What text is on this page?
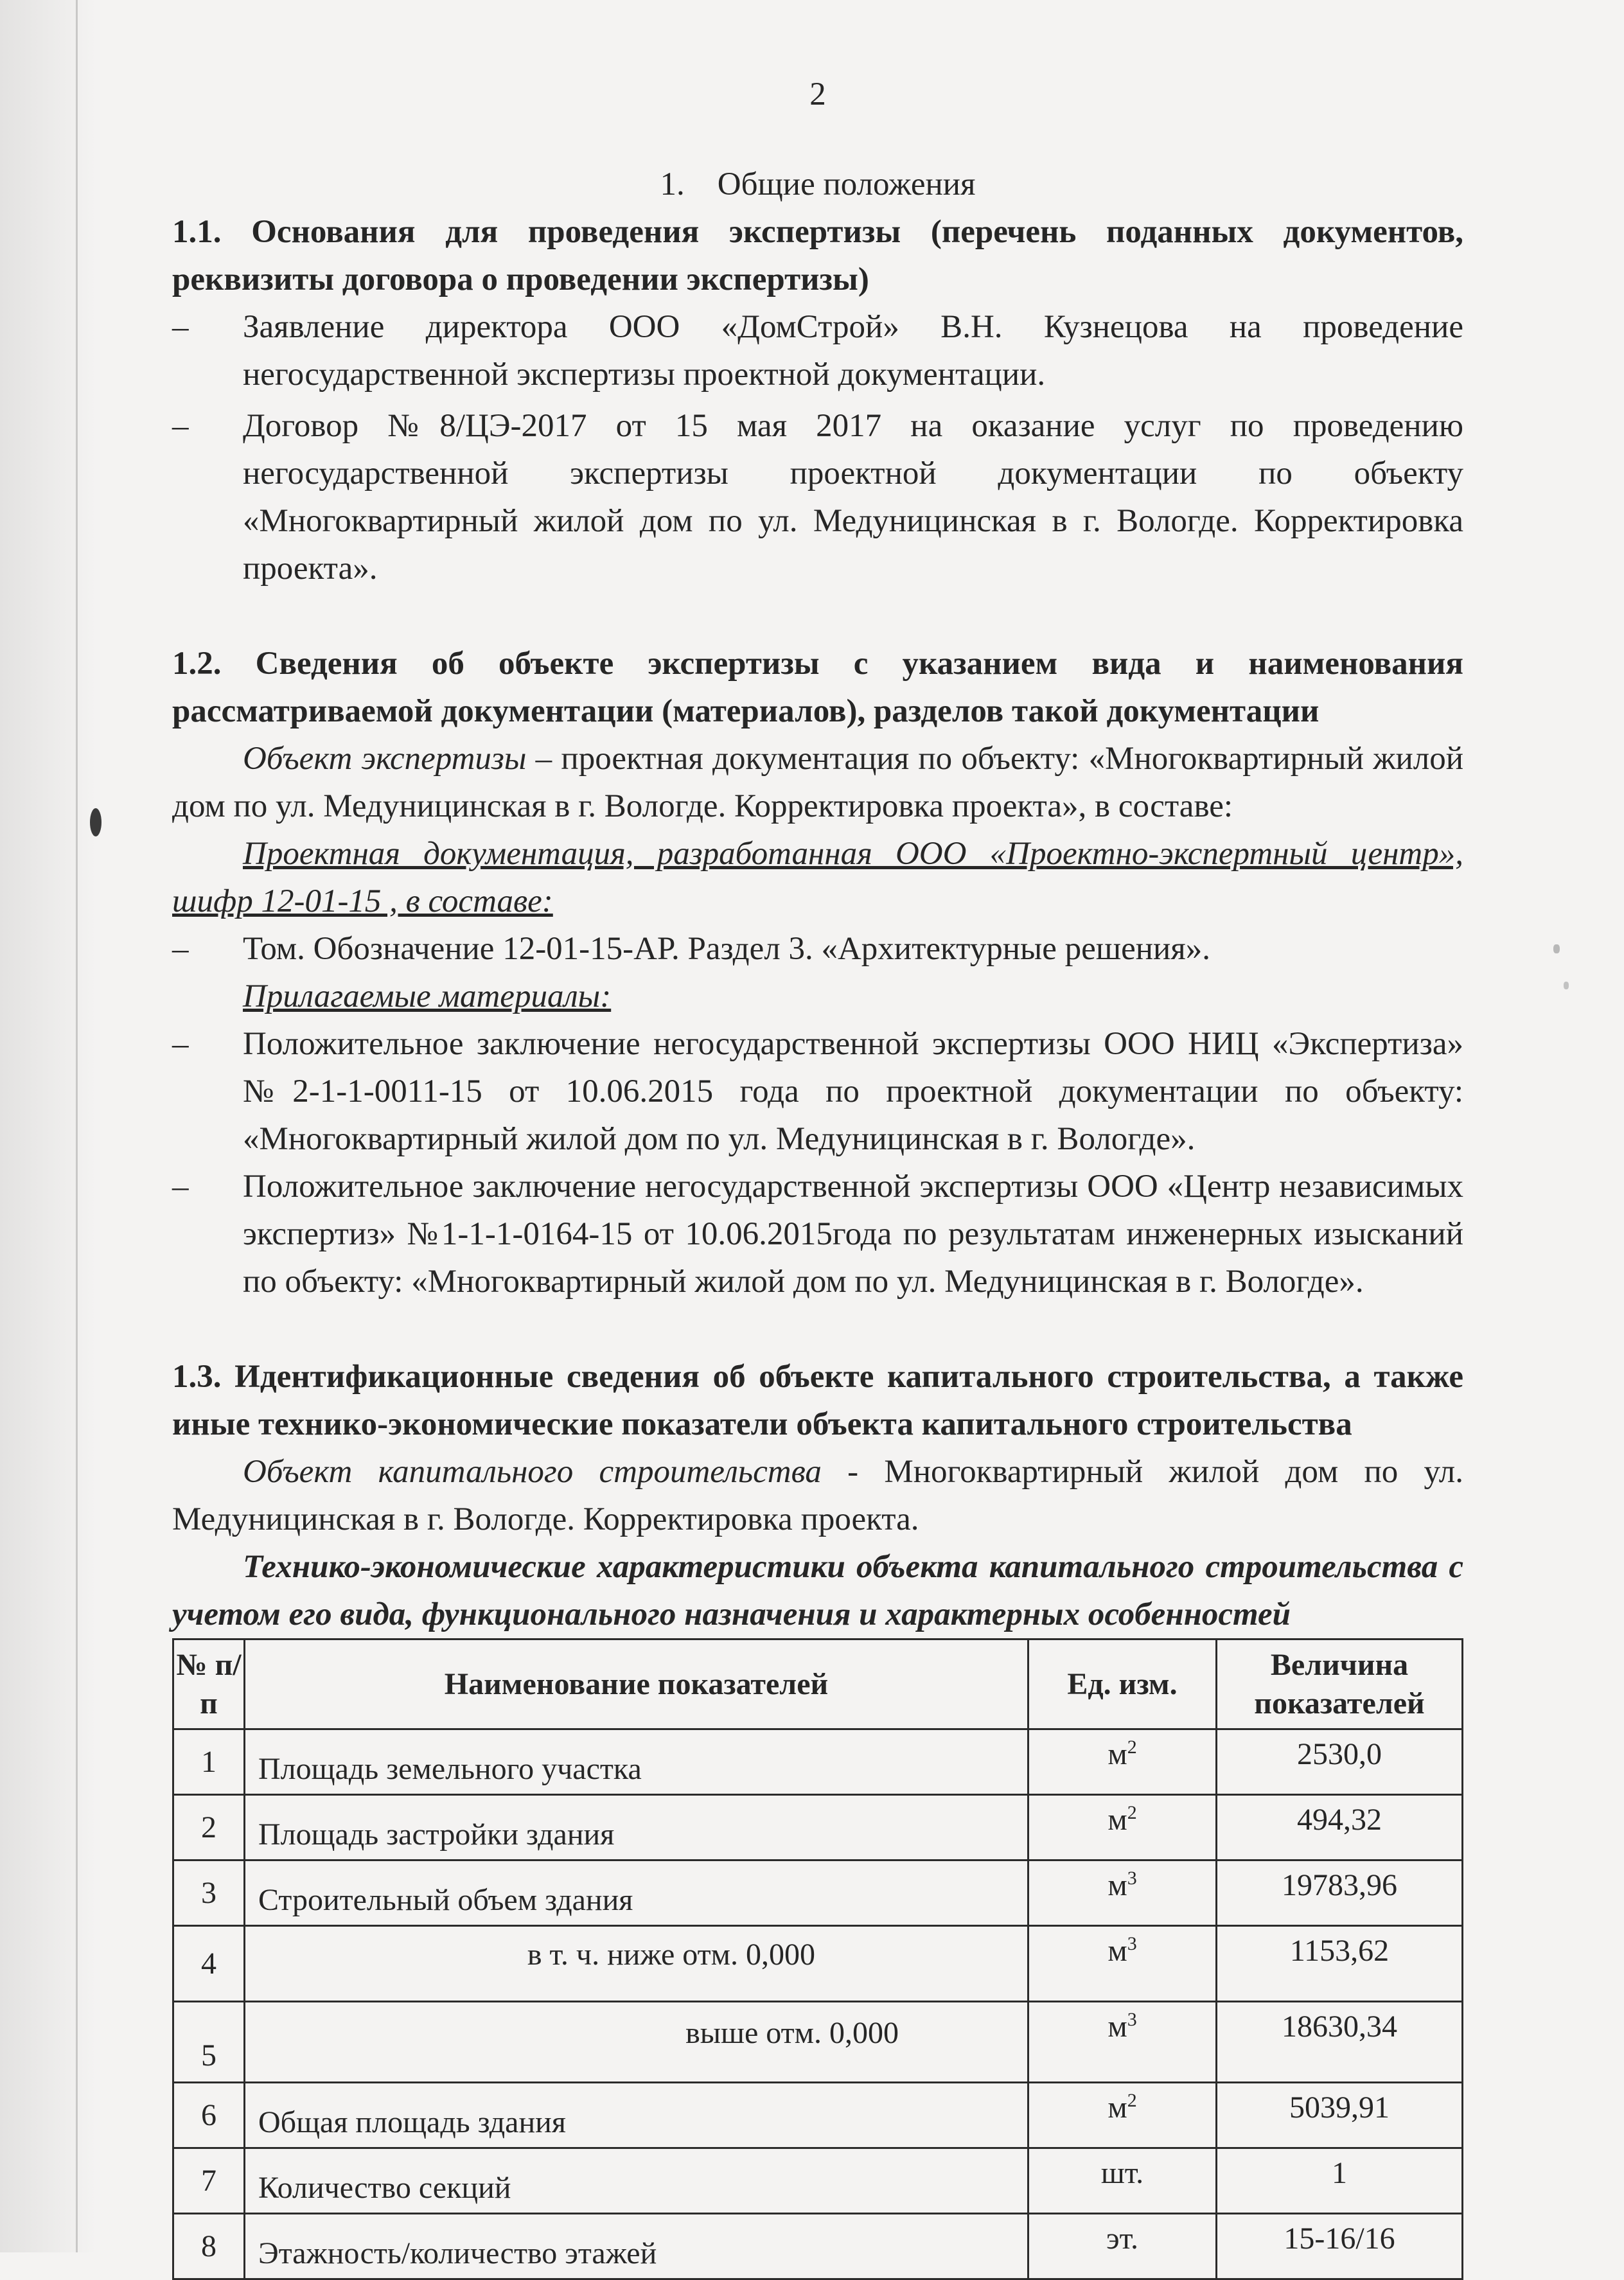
2

1. Общие положения

1.1. Основания для проведения экспертизы (перечень поданных документов, реквизиты договора о проведении экспертизы)

–	Заявление директора ООО «ДомСтрой» В.Н. Кузнецова на проведение негосударственной экспертизы проектной документации.

–	Договор №8/ЦЭ-2017 от 15 мая 2017 на оказание услуг по проведению негосударственной экспертизы проектной документации по объекту «Многоквартирный жилой дом по ул. Медуницинская в г. Вологде. Корректировка проекта».

1.2. Сведения об объекте экспертизы с указанием вида и наименования рассматриваемой документации (материалов), разделов такой документации

Объект экспертизы – проектная документация по объекту: «Многоквартирный жилой дом по ул. Медуницинская в г. Вологде. Корректировка проекта», в составе:

Проектная документация, разработанная ООО «Проектно-экспертный центр», шифр 12-01-15 , в составе:

–	Том. Обозначение 12-01-15-АР. Раздел 3. «Архитектурные решения».

Прилагаемые материалы:

–	Положительное заключение негосударственной экспертизы ООО НИЦ «Экспертиза» №2-1-1-0011-15 от 10.06.2015 года по проектной документации по объекту: «Многоквартирный жилой дом по ул. Медуницинская в г. Вологде».

–	Положительное заключение негосударственной экспертизы ООО «Центр независимых экспертиз» №1-1-1-0164-15 от 10.06.2015года по результатам инженерных изысканий по объекту: «Многоквартирный жилой дом по ул. Медуницинская в г. Вологде».

1.3. Идентификационные сведения об объекте капитального строительства, а также иные технико-экономические показатели объекта капитального строительства

Объект капитального строительства - Многоквартирный жилой дом по ул. Медуницинская в г. Вологде. Корректировка проекта.

Технико-экономические характеристики объекта капитального строительства с учетом его вида, функционального назначения и характерных особенностей

№ п/п	Наименование показателей	Ед. изм.	Величина показателей
1	Площадь земельного участка	$м^2$	2530,0
2	Площадь застройки здания	$м^2$	494,32
3	Строительный объем здания	$м^3$	19783,96
4	в т. ч. ниже отм. 0,000	$м^3$	1153,62
5	выше отм. 0,000	$м^3$	18630,34
6	Общая площадь здания	$м^2$	5039,91
7	Количество секций	шт.	1
8	Этажность/количество этажей	эт.	15-16/16
